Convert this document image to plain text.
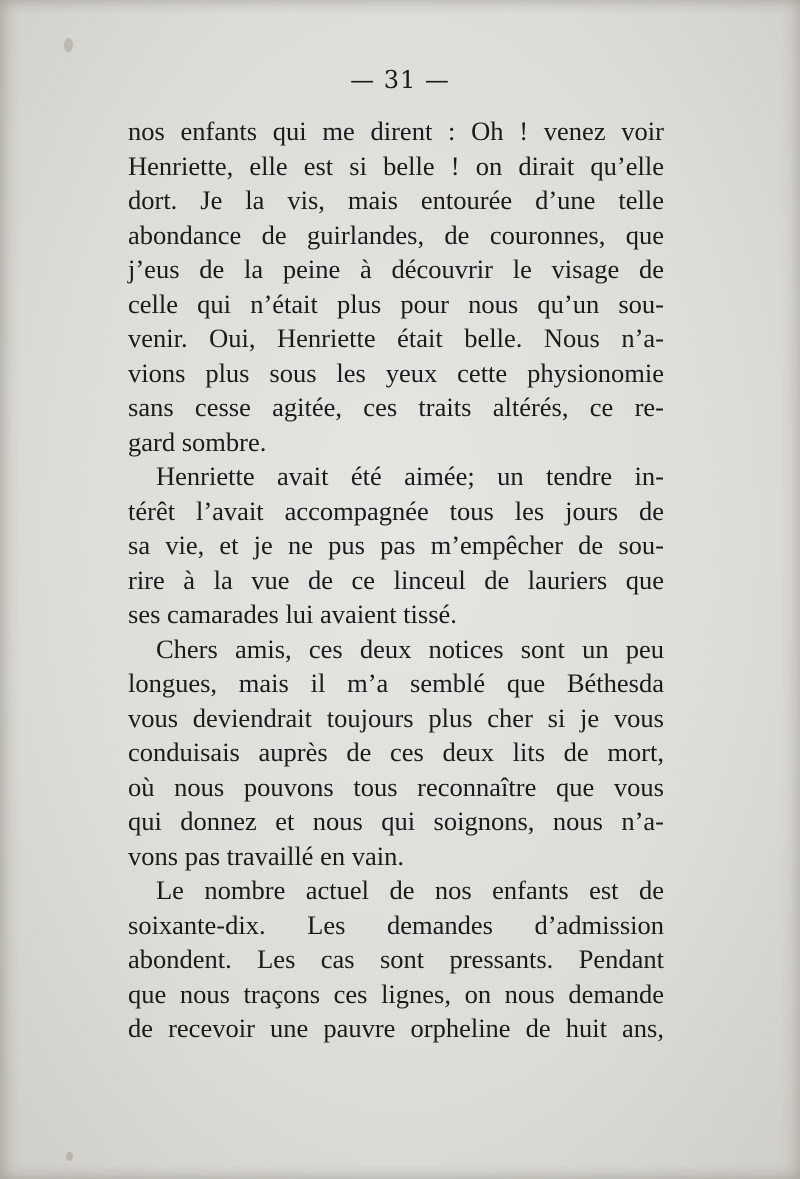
— 31 —
nos enfants qui me dirent : Oh ! venez voir
Henriette, elle est si belle ! on dirait qu’elle
dort. Je la vis, mais entourée d’une telle
abondance de guirlandes, de couronnes, que
j’eus de la peine à découvrir le visage de
celle qui n’était plus pour nous qu’un sou-
venir. Oui, Henriette était belle. Nous n’a-
vions plus sous les yeux cette physionomie
sans cesse agitée, ces traits altérés, ce re-
gard sombre.
Henriette avait été aimée; un tendre in-
térêt l’avait accompagnée tous les jours de
sa vie, et je ne pus pas m’empêcher de sou-
rire à la vue de ce linceul de lauriers que
ses camarades lui avaient tissé.
Chers amis, ces deux notices sont un peu
longues, mais il m’a semblé que Béthesda
vous deviendrait toujours plus cher si je vous
conduisais auprès de ces deux lits de mort,
où nous pouvons tous reconnaître que vous
qui donnez et nous qui soignons, nous n’a-
vons pas travaillé en vain.
Le nombre actuel de nos enfants est de
soixante-dix. Les demandes d’admission
abondent. Les cas sont pressants. Pendant
que nous traçons ces lignes, on nous demande
de recevoir une pauvre orpheline de huit ans,
